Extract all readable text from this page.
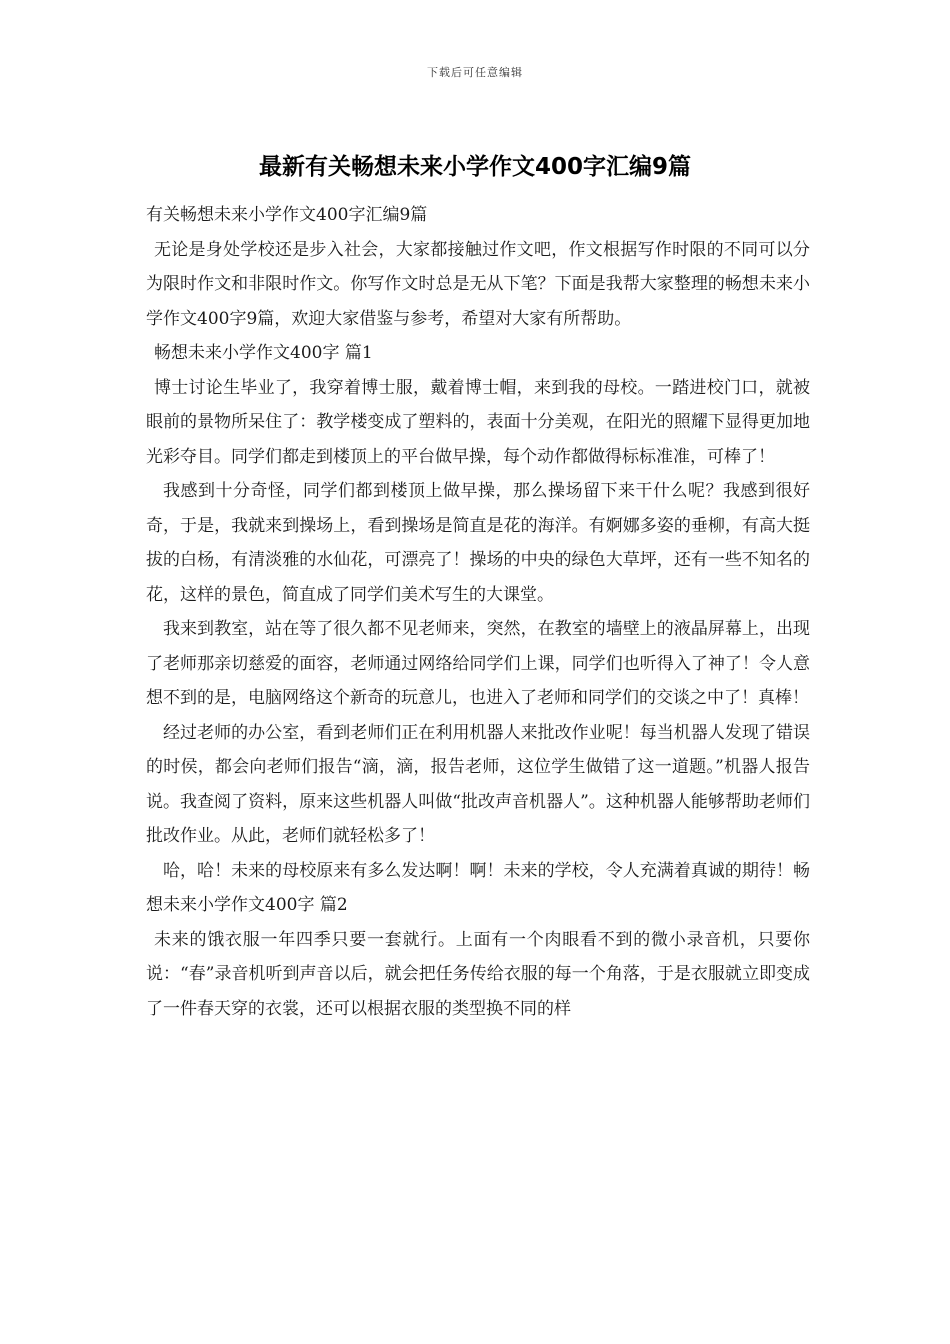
下载后可任意编辑
最新有关畅想未来小学作文400字汇编9篇

有关畅想未来小学作文400字汇编9篇

无论是身处学校还是步入社会，大家都接触过作文吧，作文根据写作时限的不同可以分为限时作文和非限时作文。你写作文时总是无从下笔？下面是我帮大家整理的畅想未来小学作文400字9篇，欢迎大家借鉴与参考，希望对大家有所帮助。

畅想未来小学作文400字 篇1

博士讨论生毕业了，我穿着博士服，戴着博士帽，来到我的母校。一踏进校门口，就被眼前的景物所呆住了：教学楼变成了塑料的，表面十分美观，在阳光的照耀下显得更加地光彩夺目。同学们都走到楼顶上的平台做早操，每个动作都做得标标准准，可棒了！

我感到十分奇怪，同学们都到楼顶上做早操，那么操场留下来干什么呢？我感到很好奇，于是，我就来到操场上，看到操场是简直是花的海洋。有婀娜多姿的垂柳，有高大挺拔的白杨，有清淡雅的水仙花，可漂亮了！操场的中央的绿色大草坪，还有一些不知名的花，这样的景色，简直成了同学们美术写生的大课堂。

我来到教室，站在等了很久都不见老师来，突然，在教室的墙壁上的液晶屏幕上，出现了老师那亲切慈爱的面容，老师通过网络给同学们上课，同学们也听得入了神了！令人意想不到的是，电脑网络这个新奇的玩意儿，也进入了老师和同学们的交谈之中了！真棒！

经过老师的办公室，看到老师们正在利用机器人来批改作业呢！每当机器人发现了错误的时侯，都会向老师们报告“滴，滴，报告老师，这位学生做错了这一道题。”机器人报告说。我查阅了资料，原来这些机器人叫做“批改声音机器人”。这种机器人能够帮助老师们批改作业。从此，老师们就轻松多了！

哈，哈！未来的母校原来有多么发达啊！啊！未来的学校，令人充满着真诚的期待！畅想未来小学作文400字 篇2

未来的饿衣服一年四季只要一套就行。上面有一个肉眼看不到的微小录音机，只要你说：“春”录音机听到声音以后，就会把任务传给衣服的每一个角落，于是衣服就立即变成了一件春天穿的衣裳，还可以根据衣服的类型换不同的样
